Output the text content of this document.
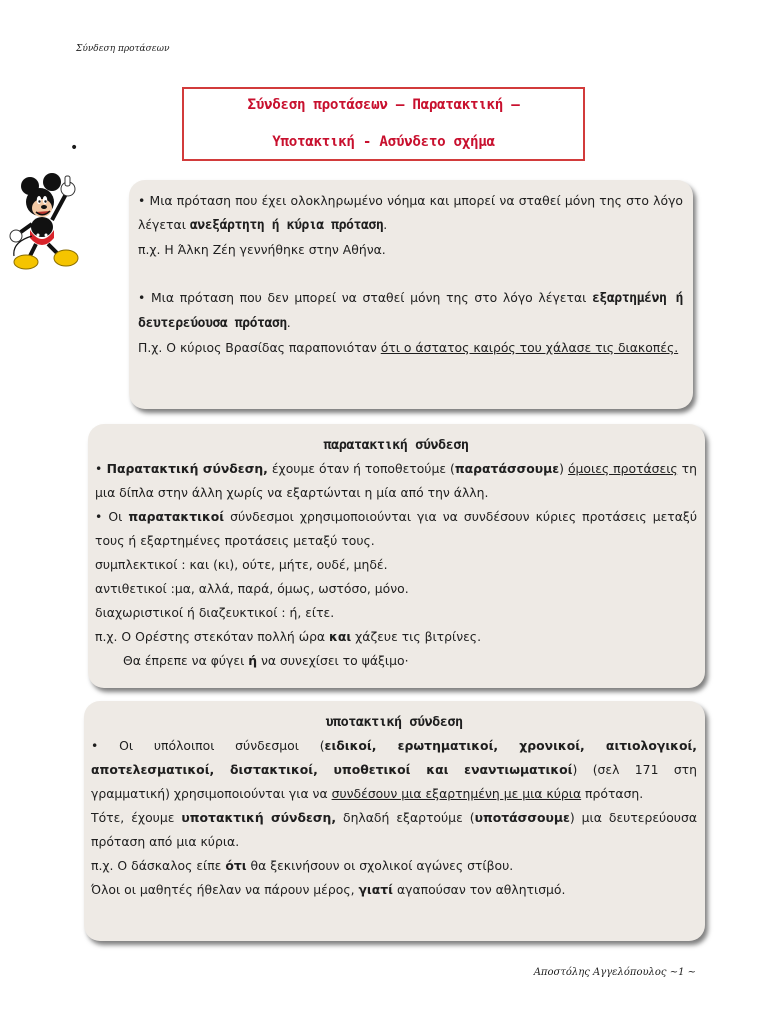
Σύνδεση προτάσεων
Σύνδεση προτάσεων – Παρατακτική –
Υποτακτική - Ασύνδετο σχήμα
•

• Μια πρόταση που έχει ολοκληρωμένο νόημα και μπορεί να σταθεί μόνη της στο λόγο λέγεται ανεξάρτητη ή κύρια πρόταση.

π.χ. Η Άλκη Ζέη γεννήθηκε στην Αθήνα.

• Μια πρόταση που δεν μπορεί να σταθεί μόνη της στο λόγο λέγεται εξαρτημένη ή δευτερεύουσα πρόταση.

Π.χ. Ο κύριος Βρασίδας παραπονιόταν ότι ο άστατος καιρός του χάλασε τις διακοπές.

παρατακτική σύνδεση

• Παρατακτική σύνδεση, έχουμε όταν ή τοποθετούμε (παρατάσσουμε) όμοιες προτάσεις τη μια δίπλα στην άλλη χωρίς να εξαρτώνται η μία από την άλλη.

• Οι παρατακτικοί σύνδεσμοι χρησιμοποιούνται για να συνδέσουν κύριες προτάσεις μεταξύ τους ή εξαρτημένες προτάσεις μεταξύ τους.

συμπλεκτικοί : και (κι), ούτε, μήτε, ουδέ, μηδέ.

αντιθετικοί :μα, αλλά, παρά, όμως, ωστόσο, μόνο.

διαχωριστικοί ή διαζευκτικοί : ή, είτε.

π.χ. Ο Ορέστης στεκόταν πολλή ώρα και χάζευε τις βιτρίνες.

Θα έπρεπε να φύγει ή να συνεχίσει το ψάξιμο·

υποτακτική σύνδεση

• Οι υπόλοιποι σύνδεσμοι (ειδικοί, ερωτηματικοί, χρονικοί, αιτιολογικοί, αποτελεσματικοί, διστακτικοί, υποθετικοί και εναντιωματικοί) (σελ 171 στη γραμματική) χρησιμοποιούνται για να συνδέσουν μια εξαρτημένη με μια κύρια πρόταση.

Τότε, έχουμε υποτακτική σύνδεση, δηλαδή εξαρτούμε (υποτάσσουμε) μια δευτερεύουσα πρόταση από μια κύρια.

π.χ. Ο δάσκαλος είπε ότι θα ξεκινήσουν οι σχολικοί αγώνες στίβου.

Όλοι οι μαθητές ήθελαν να πάρουν μέρος, γιατί αγαπούσαν τον αθλητισμό.

Αποστόλης Αγγελόπουλος ~1 ~
